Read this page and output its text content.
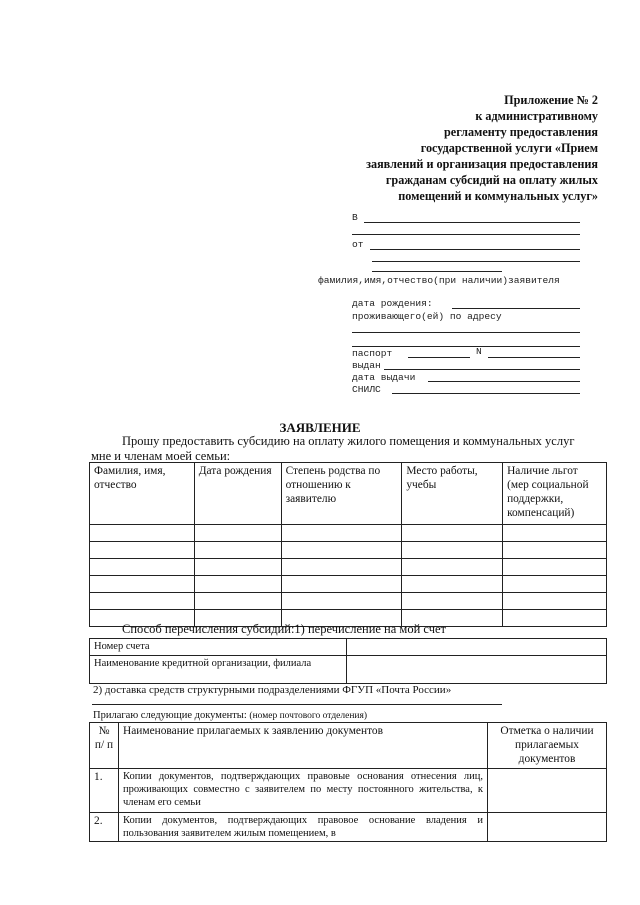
Приложение № 2
к административному
регламенту предоставления
государственной услуги «Прием
заявлений и организация предоставления
гражданам субсидий на оплату жилых
помещений и коммунальных услуг»
В
от
фамилия,имя,отчество(при наличии)заявителя
дата рождения:
проживающего(ей) по адресу
паспорт	N
выдан
дата выдачи
СНИЛС
ЗАЯВЛЕНИЕ
Прошу предоставить субсидию на оплату жилого помещения и коммунальных услуг
мне и членам моей семьи:
Фамилия, имя, отчество	Дата рождения	Степень родства по отношению к заявителю	Место работы, учебы	Наличие льгот (мер социальной поддержки, компенсаций)

Способ перечисления субсидий:1) перечисление на мой счет
Номер счета	
Наименование кредитной организации, филиала	
2) доставка средств структурными подразделениями ФГУП «Почта России»
Прилагаю следующие документы: (номер почтового отделения)
№ п/ п	Наименование прилагаемых к заявлению документов	Отметка о наличии прилагаемых документов
1.	Копии документов, подтверждающих правовые основания отнесения лиц, проживающих совместно с заявителем по месту постоянного жительства, к членам его семьи	
2.	Копии документов, подтверждающих правовое основание владения и пользования заявителем жилым помещением, в	
